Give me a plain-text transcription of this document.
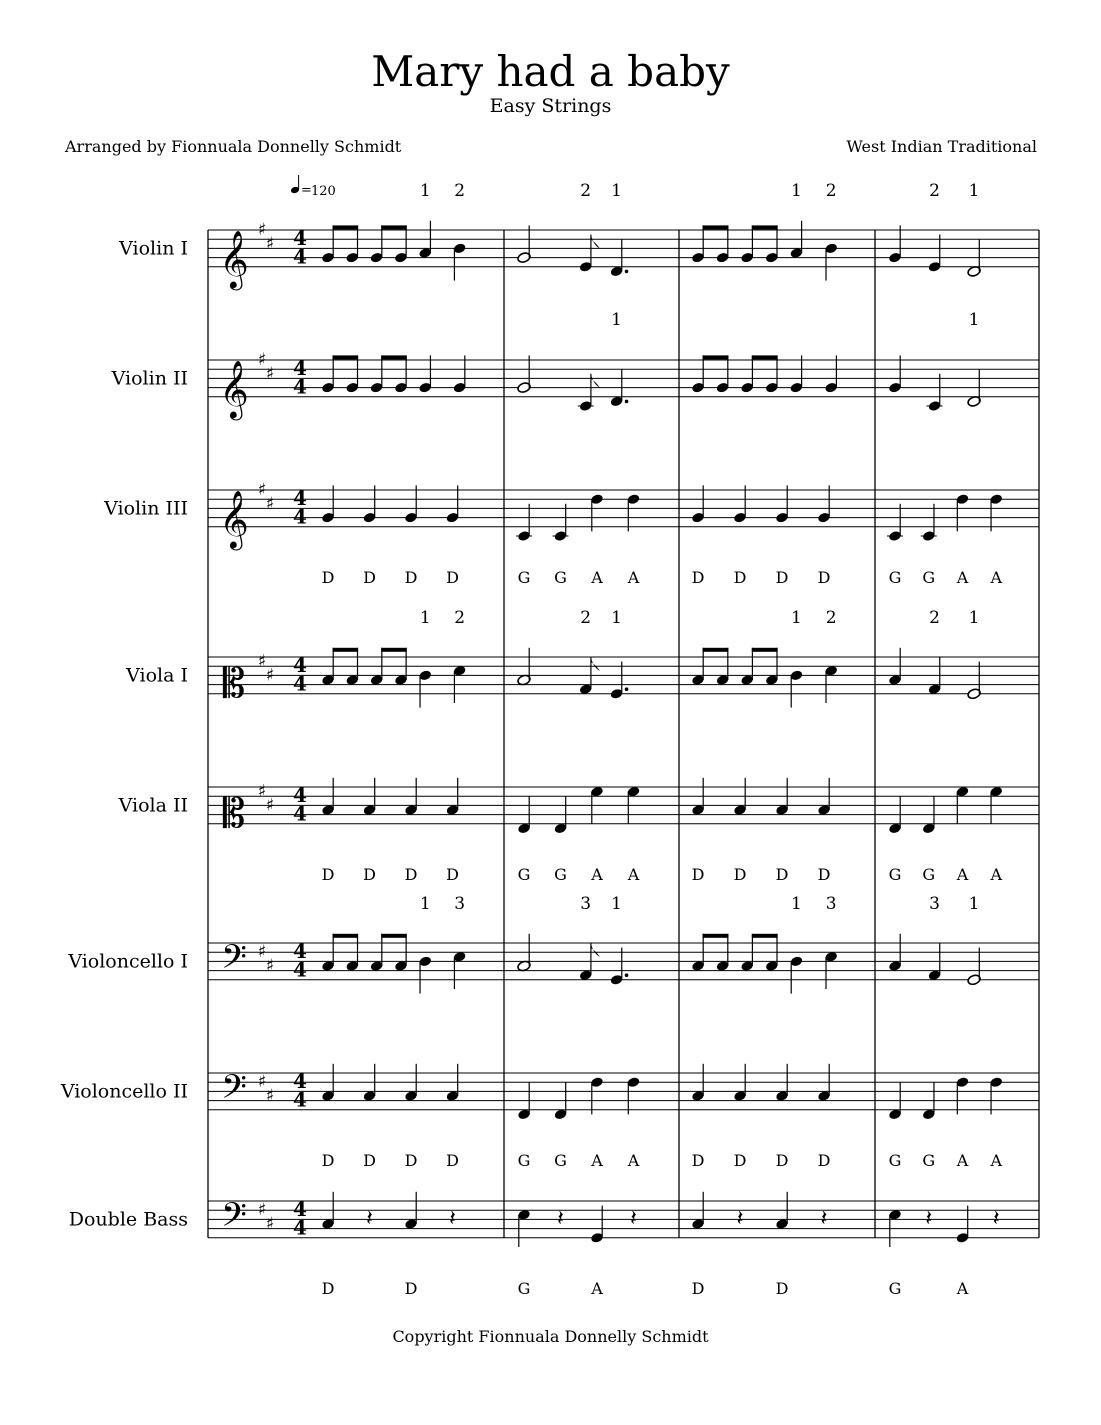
Mary had a baby
Easy Strings
Arranged by Fionnuala Donnelly Schmidt	West Indian Traditional
= 120
Violin I 𝄞 ♯
♯ 4
4
1 2	2 1
1
1 2	2 1
1
Violin II 𝄞 ♯
♯ 4
4
Violin III 𝄞 ♯
♯ 4
4
D D D D	G G A A	D D D D	G G A A
Viola I 𝄡 ♯
♯ 4
4
1 2	2 1	1 2	2 1
Viola II 𝄡 ♯
♯ 4
4
D D D D	G G A A	D D D D	G G A A
Violoncello I 𝄢 ♯
♯
4
4
1 3	3 1	1 3	3 1
Violoncello II 𝄢 ♯
♯
4
4
D D D D	G G A A	D D D D	G G A A
Double Bass 𝄢 ♯
♯
4
4	𝄽	𝄽
D	D
𝄽	𝄽
G	A
𝄽	𝄽
D	D
𝄽	𝄽
G	A
Copyright Fionnuala Donnelly Schmidt
